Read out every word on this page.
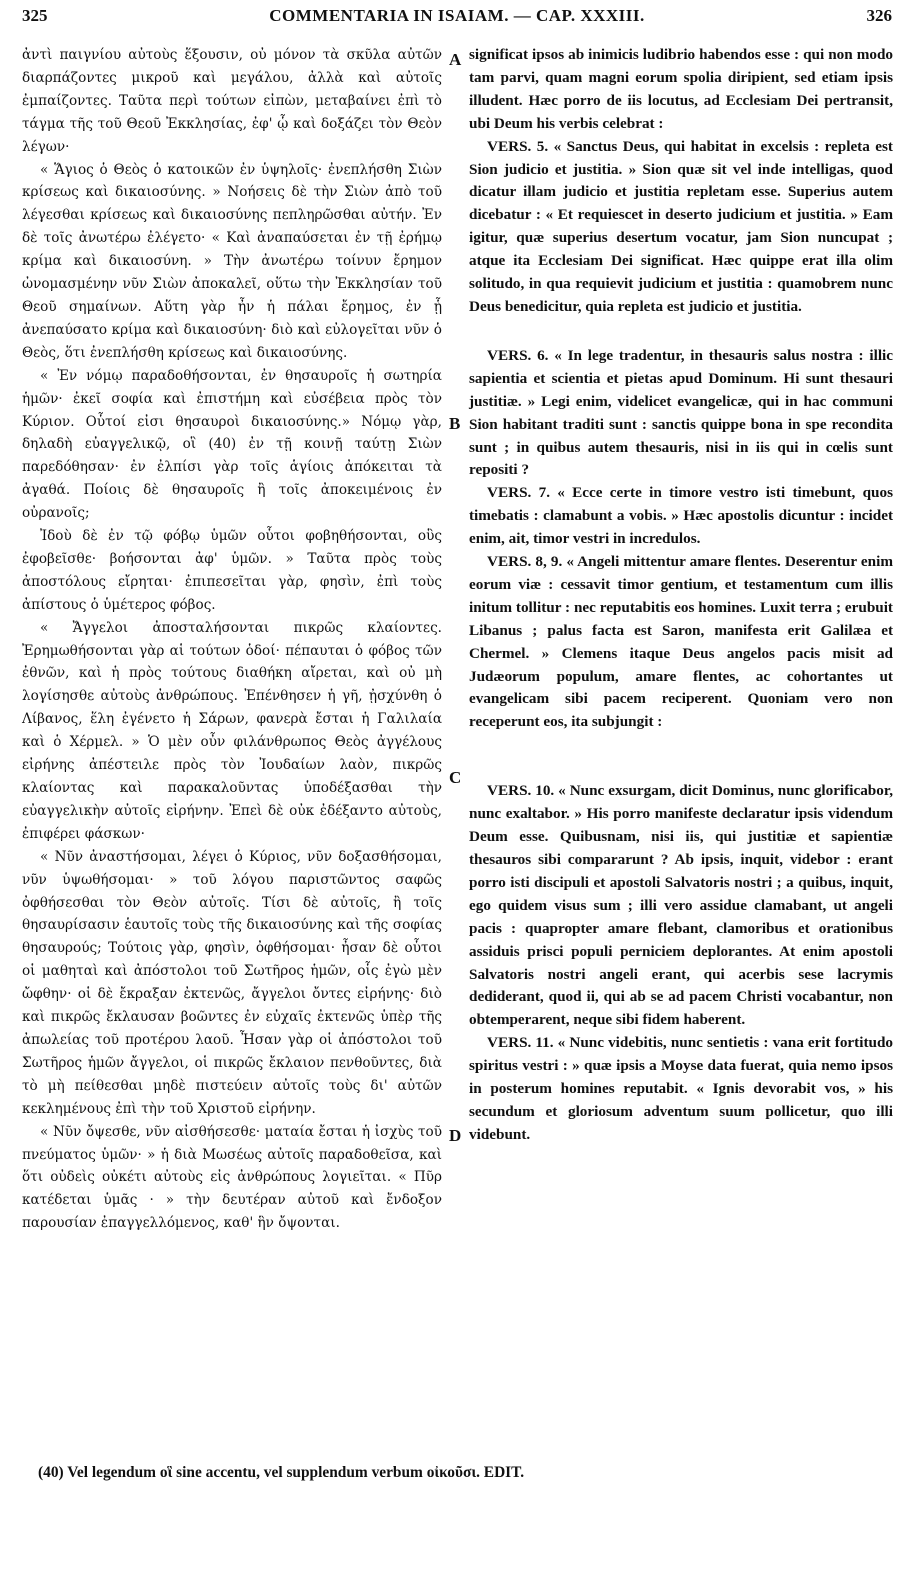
325	COMMENTARIA IN ISAIAM. — CAP. XXXIII.	326
A
B
C
D

ἀντὶ παιγνίου αὐτοὺς ἕξουσιν, οὐ μόνον τὰ σκῦλα αὐτῶν διαρπάζοντες μικροῦ καὶ μεγάλου, ἀλλὰ καὶ αὐτοῖς ἐμπαίζοντες. Ταῦτα περὶ τούτων εἰπὼν, μεταβαίνει ἐπὶ τὸ τάγμα τῆς τοῦ Θεοῦ Ἐκκλησίας, ἐφ' ᾧ καὶ δοξάζει τὸν Θεὸν λέγων·

« Ἅγιος ὁ Θεὸς ὁ κατοικῶν ἐν ὑψηλοῖς· ἐνεπλήσθη Σιὼν κρίσεως καὶ δικαιοσύνης. » Νοήσεις δὲ τὴν Σιὼν ἀπὸ τοῦ λέγεσθαι κρίσεως καὶ δικαιοσύνης πεπληρῶσθαι αὐτήν. Ἐν δὲ τοῖς ἀνωτέρω ἐλέγετο· « Καὶ ἀναπαύσεται ἐν τῇ ἐρήμῳ κρίμα καὶ δικαιοσύνη. » Τὴν ἀνωτέρω τοίνυν ἔρημον ὠνομασμένην νῦν Σιὼν ἀποκαλεῖ, οὕτω τὴν Ἐκκλησίαν τοῦ Θεοῦ σημαίνων. Αὕτη γὰρ ἦν ἡ πάλαι ἔρημος, ἐν ᾗ ἀνεπαύσατο κρίμα καὶ δικαιοσύνη· διὸ καὶ εὐλογεῖται νῦν ὁ Θεὸς, ὅτι ἐνεπλήσθη κρίσεως καὶ δικαιοσύνης.

« Ἐν νόμῳ παραδοθήσονται, ἐν θησαυροῖς ἡ σωτηρία ἡμῶν· ἐκεῖ σοφία καὶ ἐπιστήμη καὶ εὐσέβεια πρὸς τὸν Κύριον. Οὗτοί εἰσι θησαυροὶ δικαιοσύνης.» Νόμῳ γὰρ, δηλαδὴ εὐαγγελικῷ, οἳ (40) ἐν τῇ κοινῇ ταύτῃ Σιὼν παρεδόθησαν· ἐν ἐλπίσι γὰρ τοῖς ἁγίοις ἀπόκειται τὰ ἀγαθά. Ποίοις δὲ θησαυροῖς ἢ τοῖς ἀποκειμένοις ἐν οὐρανοῖς;

Ἰδοὺ δὲ ἐν τῷ φόβῳ ὑμῶν οὗτοι φοβηθήσονται, οὓς ἐφοβεῖσθε· βοήσονται ἀφ' ὑμῶν. » Ταῦτα πρὸς τοὺς ἀποστόλους εἴρηται· ἐπιπεσεῖται γὰρ, φησὶν, ἐπὶ τοὺς ἀπίστους ὁ ὑμέτερος φόβος.

« Ἄγγελοι ἀποσταλήσονται πικρῶς κλαίοντες. Ἐρημωθήσονται γὰρ αἱ τούτων ὁδοί· πέπαυται ὁ φόβος τῶν ἐθνῶν, καὶ ἡ πρὸς τούτους διαθήκη αἴρεται, καὶ οὐ μὴ λογίσησθε αὐτοὺς ἀνθρώπους. Ἐπένθησεν ἡ γῆ, ᾐσχύνθη ὁ Λίβανος, ἕλη ἐγένετο ἡ Σάρων, φανερὰ ἔσται ἡ Γαλιλαία καὶ ὁ Χέρμελ. » Ὁ μὲν οὖν φιλάνθρωπος Θεὸς ἀγγέλους εἰρήνης ἀπέστειλε πρὸς τὸν Ἰουδαίων λαὸν, πικρῶς κλαίοντας καὶ παρακαλοῦντας ὑποδέξασθαι τὴν εὐαγγελικὴν αὐτοῖς εἰρήνην. Ἐπεὶ δὲ οὐκ ἐδέξαντο αὐτοὺς, ἐπιφέρει φάσκων·

« Νῦν ἀναστήσομαι, λέγει ὁ Κύριος, νῦν δοξασθήσομαι, νῦν ὑψωθήσομαι· » τοῦ λόγου παριστῶντος σαφῶς ὀφθήσεσθαι τὸν Θεὸν αὐτοῖς. Τίσι δὲ αὐτοῖς, ἢ τοῖς θησαυρίσασιν ἑαυτοῖς τοὺς τῆς δικαιοσύνης καὶ τῆς σοφίας θησαυρούς; Τούτοις γὰρ, φησὶν, ὀφθήσομαι· ἦσαν δὲ οὗτοι οἱ μαθηταὶ καὶ ἀπόστολοι τοῦ Σωτῆρος ἡμῶν, οἷς ἐγὼ μὲν ὤφθην· οἱ δὲ ἔκραξαν ἐκτενῶς, ἄγγελοι ὄντες εἰρήνης· διὸ καὶ πικρῶς ἔκλαυσαν βοῶντες ἐν εὐχαῖς ἐκτενῶς ὑπὲρ τῆς ἀπωλείας τοῦ προτέρου λαοῦ. Ἦσαν γὰρ οἱ ἀπόστολοι τοῦ Σωτῆρος ἡμῶν ἄγγελοι, οἱ πικρῶς ἔκλαιον πενθοῦντες, διὰ τὸ μὴ πείθεσθαι μηδὲ πιστεύειν αὐτοῖς τοὺς δι' αὐτῶν κεκλημένους ἐπὶ τὴν τοῦ Χριστοῦ εἰρήνην.

« Νῦν ὄψεσθε, νῦν αἰσθήσεσθε· ματαία ἔσται ἡ ἰσχὺς τοῦ πνεύματος ὑμῶν· » ἡ διὰ Μωσέως αὐτοῖς παραδοθεῖσα, καὶ ὅτι οὐδεὶς οὐκέτι αὐτοὺς εἰς ἀνθρώπους λογιεῖται. « Πῦρ κατέδεται ὑμᾶς · » τὴν δευτέραν αὐτοῦ καὶ ἔνδοξον παρουσίαν ἐπαγγελλόμενος, καθ' ἣν ὄψονται.

significat ipsos ab inimicis ludibrio habendos esse : qui non modo tam parvi, quam magni eorum spolia diripient, sed etiam ipsis illudent. Hæc porro de iis locutus, ad Ecclesiam Dei pertransit, ubi Deum his verbis celebrat :

VERS. 5. « Sanctus Deus, qui habitat in excelsis : repleta est Sion judicio et justitia. » Sion quæ sit vel inde intelligas, quod dicatur illam judicio et justitia repletam esse. Superius autem dicebatur : « Et requiescet in deserto judicium et justitia. » Eam igitur, quæ superius desertum vocatur, jam Sion nuncupat ; atque ita Ecclesiam Dei significat. Hæc quippe erat illa olim solitudo, in qua requievit judicium et justitia : quamobrem nunc Deus benedicitur, quia repleta est judicio et justitia.

VERS. 6. « In lege tradentur, in thesauris salus nostra : illic sapientia et scientia et pietas apud Dominum. Hi sunt thesauri justitiæ. » Legi enim, videlicet evangelicæ, qui in hac communi Sion habitant traditi sunt : sanctis quippe bona in spe recondita sunt ; in quibus autem thesauris, nisi in iis qui in cœlis sunt repositi ?

VERS. 7. « Ecce certe in timore vestro isti timebunt, quos timebatis : clamabunt a vobis. » Hæc apostolis dicuntur : incidet enim, ait, timor vestri in incredulos.

VERS. 8, 9. « Angeli mittentur amare flentes. Deserentur enim eorum viæ : cessavit timor gentium, et testamentum cum illis initum tollitur : nec reputabitis eos homines. Luxit terra ; erubuit Libanus ; palus facta est Saron, manifesta erit Galilæa et Chermel. » Clemens itaque Deus angelos pacis misit ad Judæorum populum, amare flentes, ac cohortantes ut evangelicam sibi pacem reciperent. Quoniam vero non receperunt eos, ita subjungit :

VERS. 10. « Nunc exsurgam, dicit Dominus, nunc glorificabor, nunc exaltabor. » His porro manifeste declaratur ipsis videndum Deum esse. Quibusnam, nisi iis, qui justitiæ et sapientiæ thesauros sibi compararunt ? Ab ipsis, inquit, videbor : erant porro isti discipuli et apostoli Salvatoris nostri ; a quibus, inquit, ego quidem visus sum ; illi vero assidue clamabant, ut angeli pacis : quapropter amare flebant, clamoribus et orationibus assiduis prisci populi perniciem deplorantes. At enim apostoli Salvatoris nostri angeli erant, qui acerbis sese lacrymis dediderant, quod ii, qui ab se ad pacem Christi vocabantur, non obtemperarent, neque sibi fidem haberent.

VERS. 11. « Nunc videbitis, nunc sentietis : vana erit fortitudo spiritus vestri : » quæ ipsis a Moyse data fuerat, quia nemo ipsos in posterum homines reputabit. « Ignis devorabit vos, » his secundum et gloriosum adventum suum pollicetur, quo illi videbunt.

(40) Vel legendum οἳ sine accentu, vel supplendum verbum οἰκοῦσι. EDIT.
